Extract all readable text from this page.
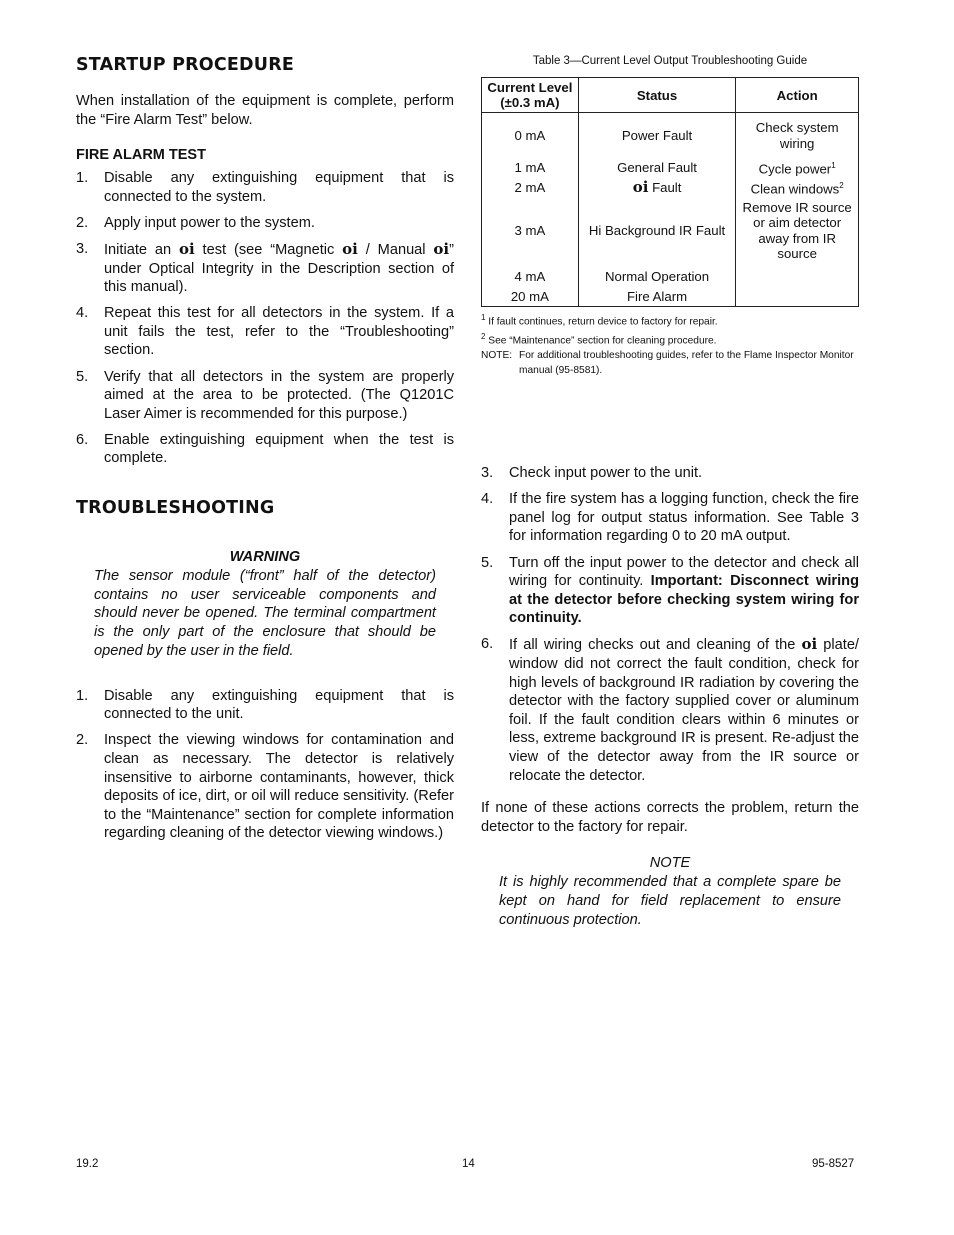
STARTUP PROCEDURE

When installation of the equipment is complete, perform the “Fire Alarm Test” below.

FIRE ALARM TEST
1. Disable any extinguishing equipment that is connected to the system.
2. Apply input power to the system.
3. Initiate an oi test (see “Magnetic oi / Manual oi” under Optical Integrity in the Description section of this manual).
4. Repeat this test for all detectors in the system. If a unit fails the test, refer to the “Troubleshooting” section.
5. Verify that all detectors in the system are properly aimed at the area to be protected. (The Q1201C Laser Aimer is recommended for this purpose.)
6. Enable extinguishing equipment when the test is complete.
TROUBLESHOOTING

WARNING

The sensor module (“front” half of the detector) contains no user serviceable components and should never be opened. The terminal compartment is the only part of the enclosure that should be opened by the user in the field.

1. Disable any extinguishing equipment that is connected to the unit.
2. Inspect the viewing windows for contamination and clean as necessary. The detector is relatively insensitive to airborne contaminants, however, thick deposits of ice, dirt, or oil will reduce sensitivity. (Refer to the “Maintenance” section for complete information regarding cleaning of the detector viewing windows.)
Table 3—Current Level Output Troubleshooting Guide
Current Level (±0.3 mA)	Status	Action
0 mA	Power Fault	Check system wiring
1 mA	General Fault	Cycle power$^1$
2 mA	oi Fault	Clean windows$^2$
3 mA	Hi Background IR Fault	Remove IR source or aim detector away from IR source
4 mA	Normal Operation	
20 mA	Fire Alarm	
$^1$ If fault continues, return device to factory for repair.
$^2$ See “Maintenance” section for cleaning procedure.
NOTE: For additional troubleshooting guides, refer to the Flame Inspector Monitor manual (95-8581).
3. Check input power to the unit.
4. If the fire system has a logging function, check the fire panel log for output status information. See Table 3 for information regarding 0 to 20 mA output.
5. Turn off the input power to the detector and check all wiring for continuity. Important: Disconnect wiring at the detector before checking system wiring for continuity.
6. If all wiring checks out and cleaning of the oi plate/ window did not correct the fault condition, check for high levels of background IR radiation by covering the detector with the factory supplied cover or aluminum foil. If the fault condition clears within 6 minutes or less, extreme background IR is present. Re-adjust the view of the detector away from the IR source or relocate the detector.

If none of these actions corrects the problem, return the detector to the factory for repair.

NOTE

It is highly recommended that a complete spare be kept on hand for field replacement to ensure continuous protection.

19.2	14	95-8527
